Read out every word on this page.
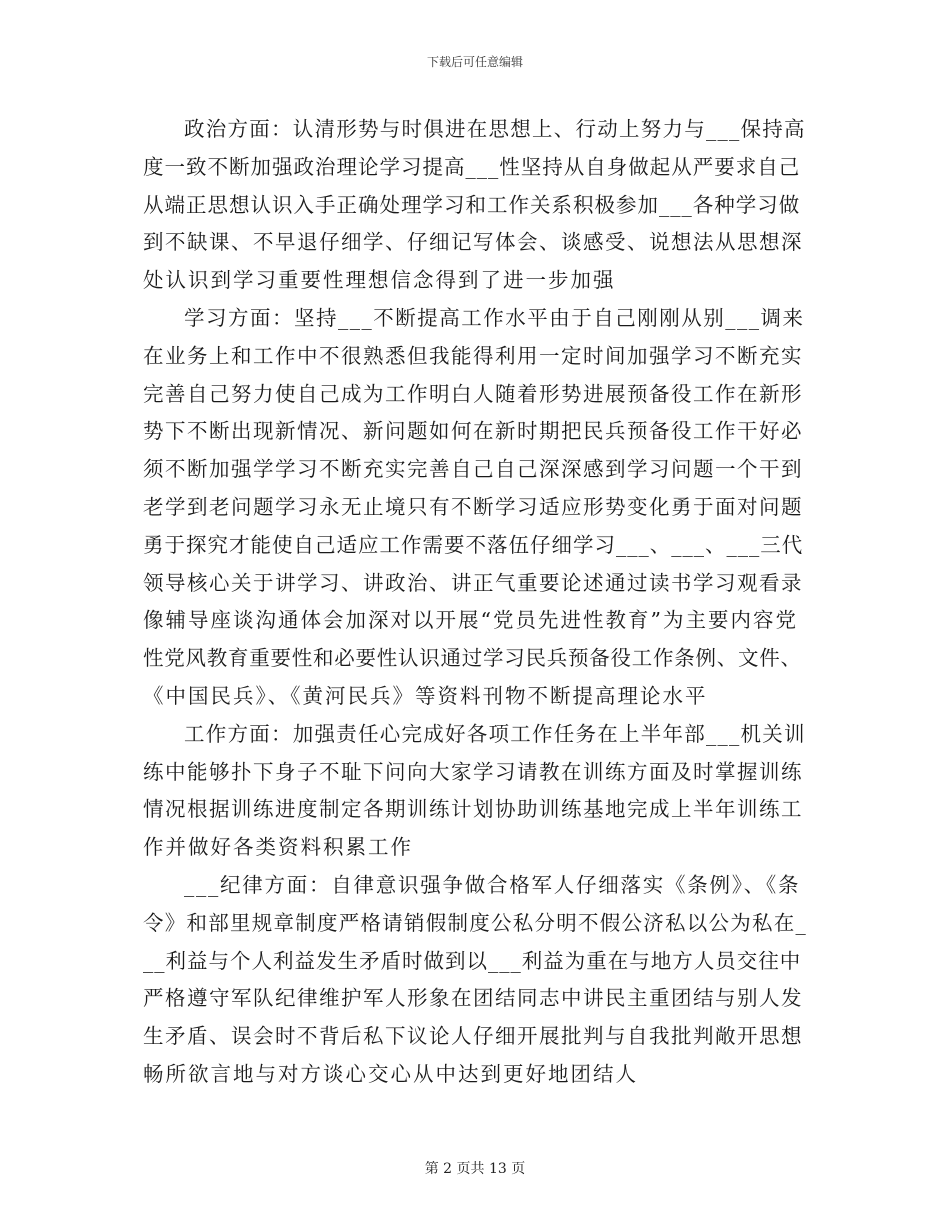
下载后可任意编辑

政治方面：认清形势与时俱进在思想上、行动上努力与___保持高
度一致不断加强政治理论学习提高___性坚持从自身做起从严要求自己
从端正思想认识入手正确处理学习和工作关系积极参加___各种学习做
到不缺课、不早退仔细学、仔细记写体会、谈感受、说想法从思想深
处认识到学习重要性理想信念得到了进一步加强

学习方面：坚持___不断提高工作水平由于自己刚刚从别___调来
在业务上和工作中不很熟悉但我能得利用一定时间加强学习不断充实
完善自己努力使自己成为工作明白人随着形势进展预备役工作在新形
势下不断出现新情况、新问题如何在新时期把民兵预备役工作干好必
须不断加强学学习不断充实完善自己自己深深感到学习问题一个干到
老学到老问题学习永无止境只有不断学习适应形势变化勇于面对问题
勇于探究才能使自己适应工作需要不落伍仔细学习___、___、___三代
领导核心关于讲学习、讲政治、讲正气重要论述通过读书学习观看录
像辅导座谈沟通体会加深对以开展“党员先进性教育”为主要内容党
性党风教育重要性和必要性认识通过学习民兵预备役工作条例、文件、
《中国民兵》、《黄河民兵》等资料刊物不断提高理论水平

工作方面：加强责任心完成好各项工作任务在上半年部___机关训
练中能够扑下身子不耻下问向大家学习请教在训练方面及时掌握训练
情况根据训练进度制定各期训练计划协助训练基地完成上半年训练工
作并做好各类资料积累工作

___纪律方面：自律意识强争做合格军人仔细落实《条例》、《条
令》和部里规章制度严格请销假制度公私分明不假公济私以公为私在_
__利益与个人利益发生矛盾时做到以___利益为重在与地方人员交往中
严格遵守军队纪律维护军人形象在团结同志中讲民主重团结与别人发
生矛盾、误会时不背后私下议论人仔细开展批判与自我批判敞开思想
畅所欲言地与对方谈心交心从中达到更好地团结人

第 2 页共 13 页
